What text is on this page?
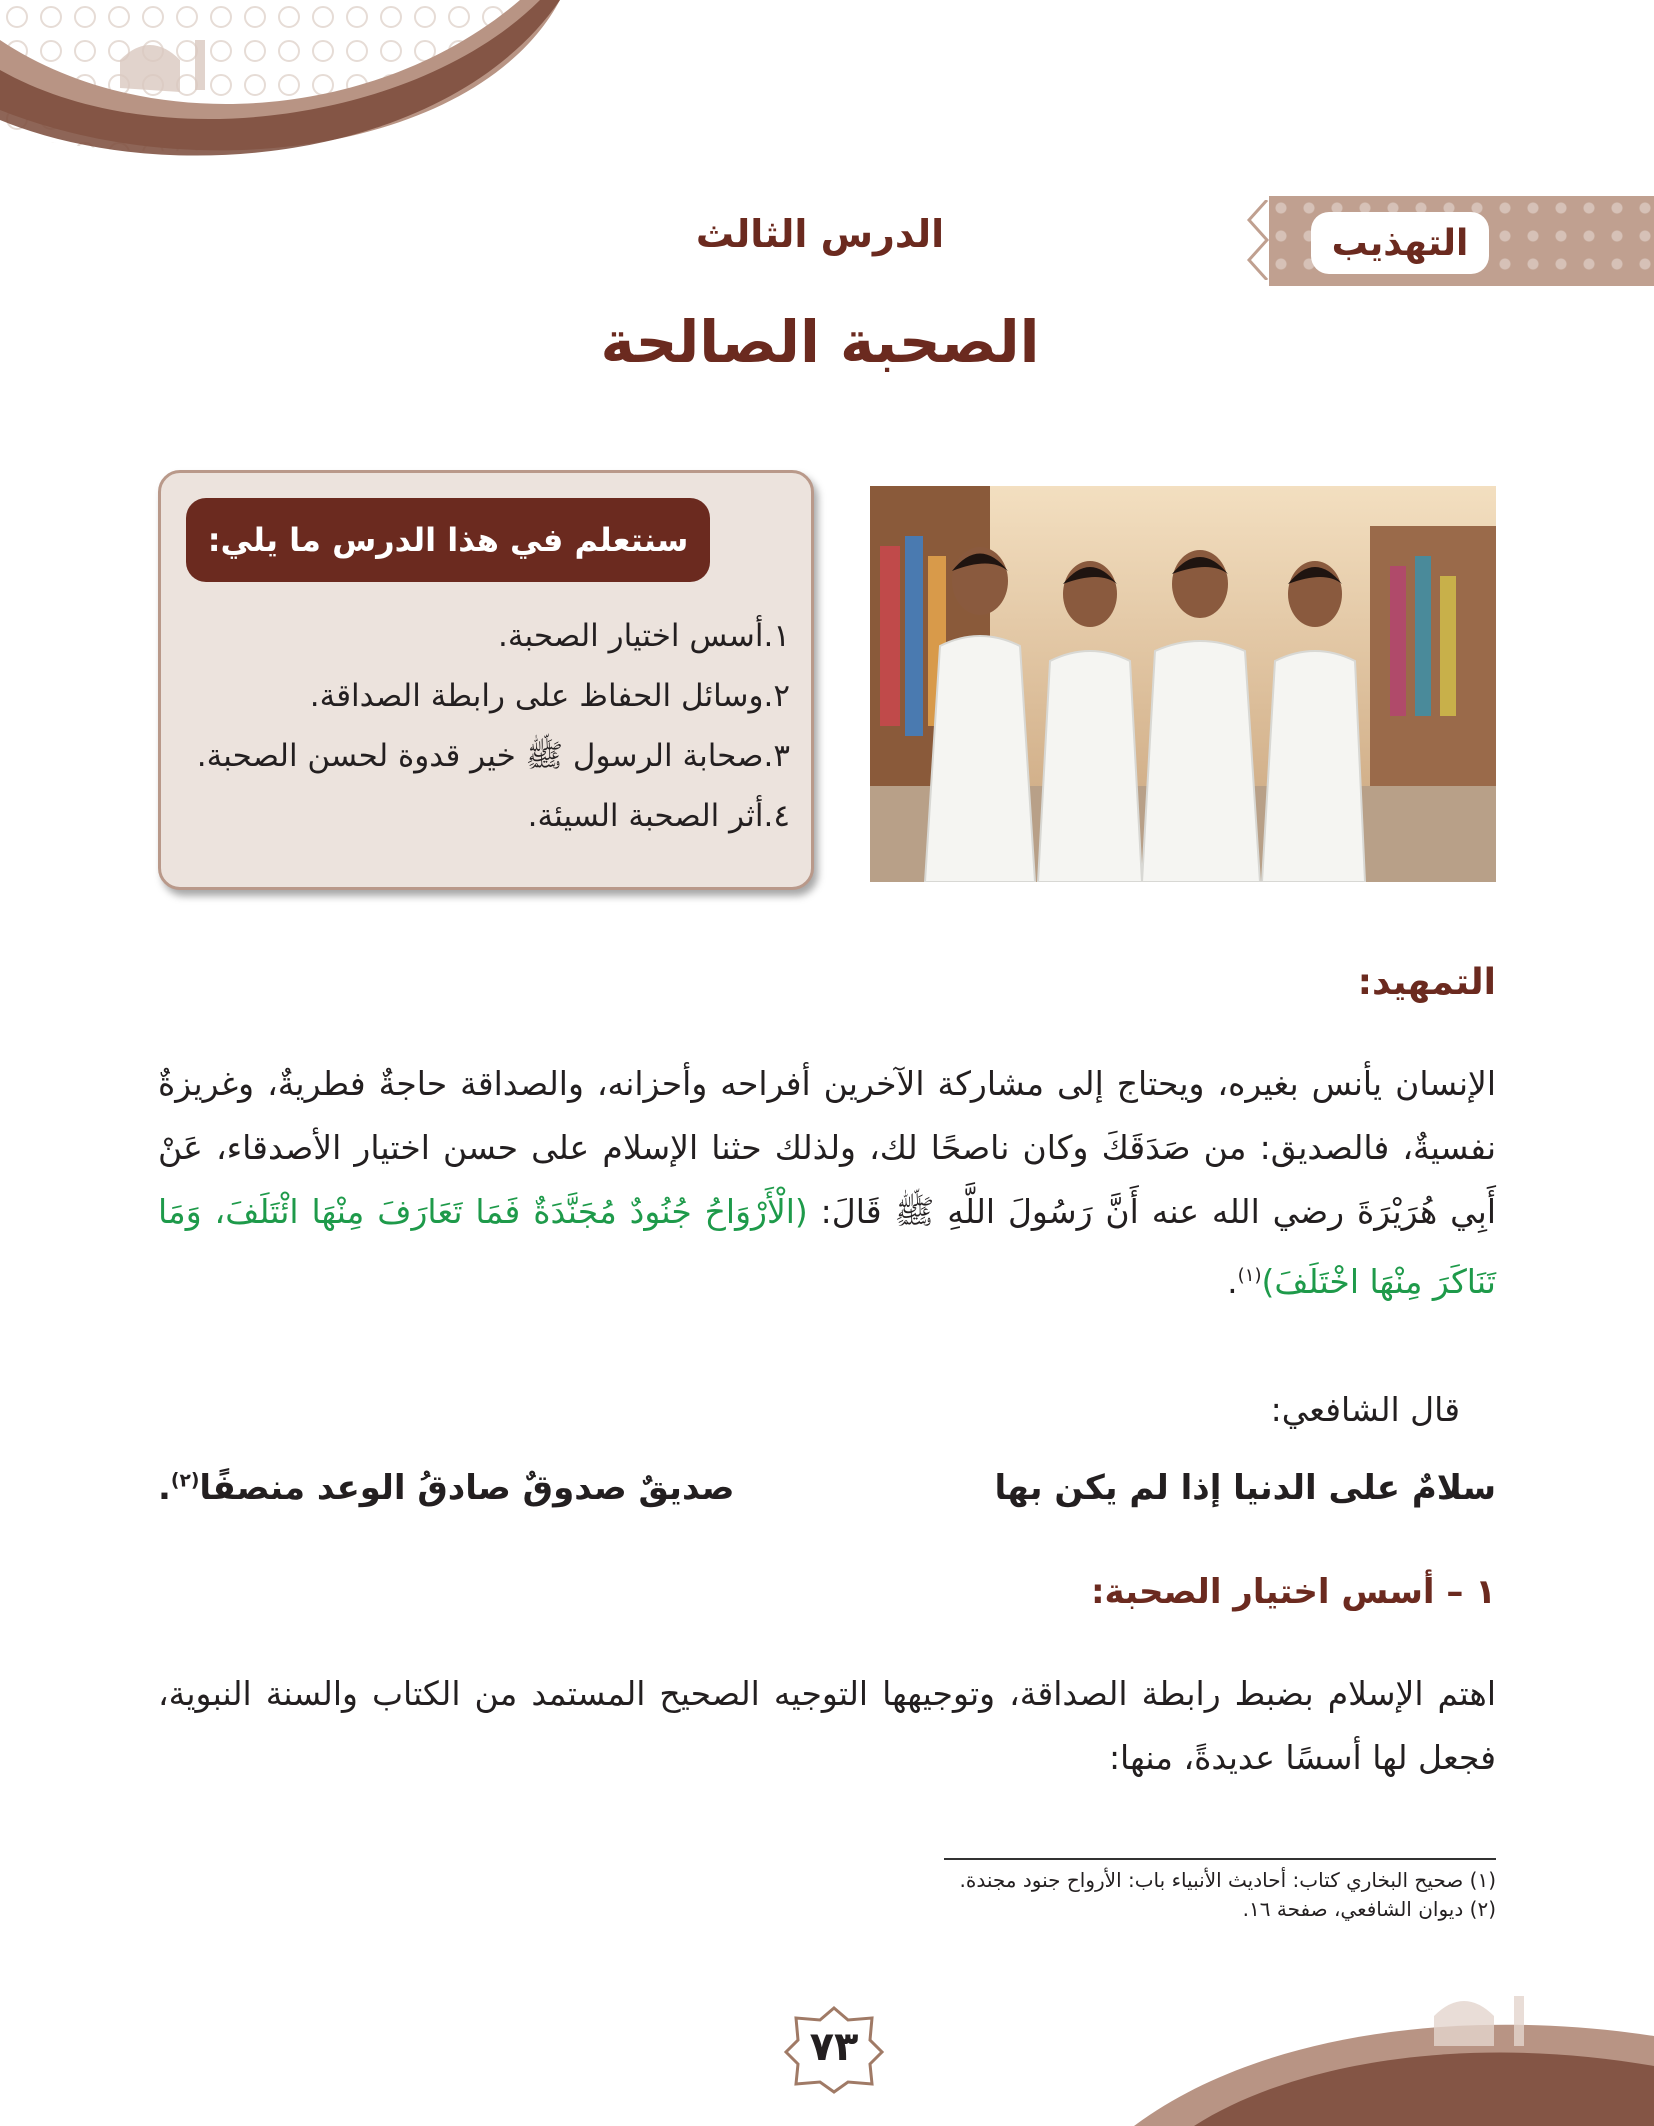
التهذيب
الدرس الثالث
الصحبة الصالحة
سنتعلم في هذا الدرس ما يلي:
١.أسس اختيار الصحبة.
٢.وسائل الحفاظ على رابطة الصداقة.
٣.صحابة الرسول ﷺ خير قدوة لحسن الصحبة.
٤.أثر الصحبة السيئة.
التمهيد:
الإنسان يأنس بغيره، ويحتاج إلى مشاركة الآخرين أفراحه وأحزانه، والصداقة حاجةٌ فطريةٌ، وغريزةٌ نفسيةٌ، فالصديق: من صَدَقَكَ وكان ناصحًا لك، ولذلك حثنا الإسلام على حسن اختيار الأصدقاء، عَنْ أَبِي هُرَيْرَةَ رضي الله عنه أَنَّ رَسُولَ اللَّهِ ﷺ قَالَ: (الْأَرْوَاحُ جُنُودٌ مُجَنَّدَةٌ فَمَا تَعَارَفَ مِنْهَا ائْتَلَفَ، وَمَا تَنَاكَرَ مِنْهَا اخْتَلَفَ)$^{(١)}$.
قال الشافعي:
سلامٌ على الدنيا إذا لم يكن بها
صديقٌ صدوقٌ صادقُ الوعد منصفًا$^{(٢)}$.
١ – أسس اختيار الصحبة:
اهتم الإسلام بضبط رابطة الصداقة، وتوجيهها التوجيه الصحيح المستمد من الكتاب والسنة النبوية، فجعل لها أسسًا عديدةً، منها:
(١) صحيح البخاري كتاب: أحاديث الأنبياء باب: الأرواح جنود مجندة.
(٢) ديوان الشافعي، صفحة ١٦.
٧٣
